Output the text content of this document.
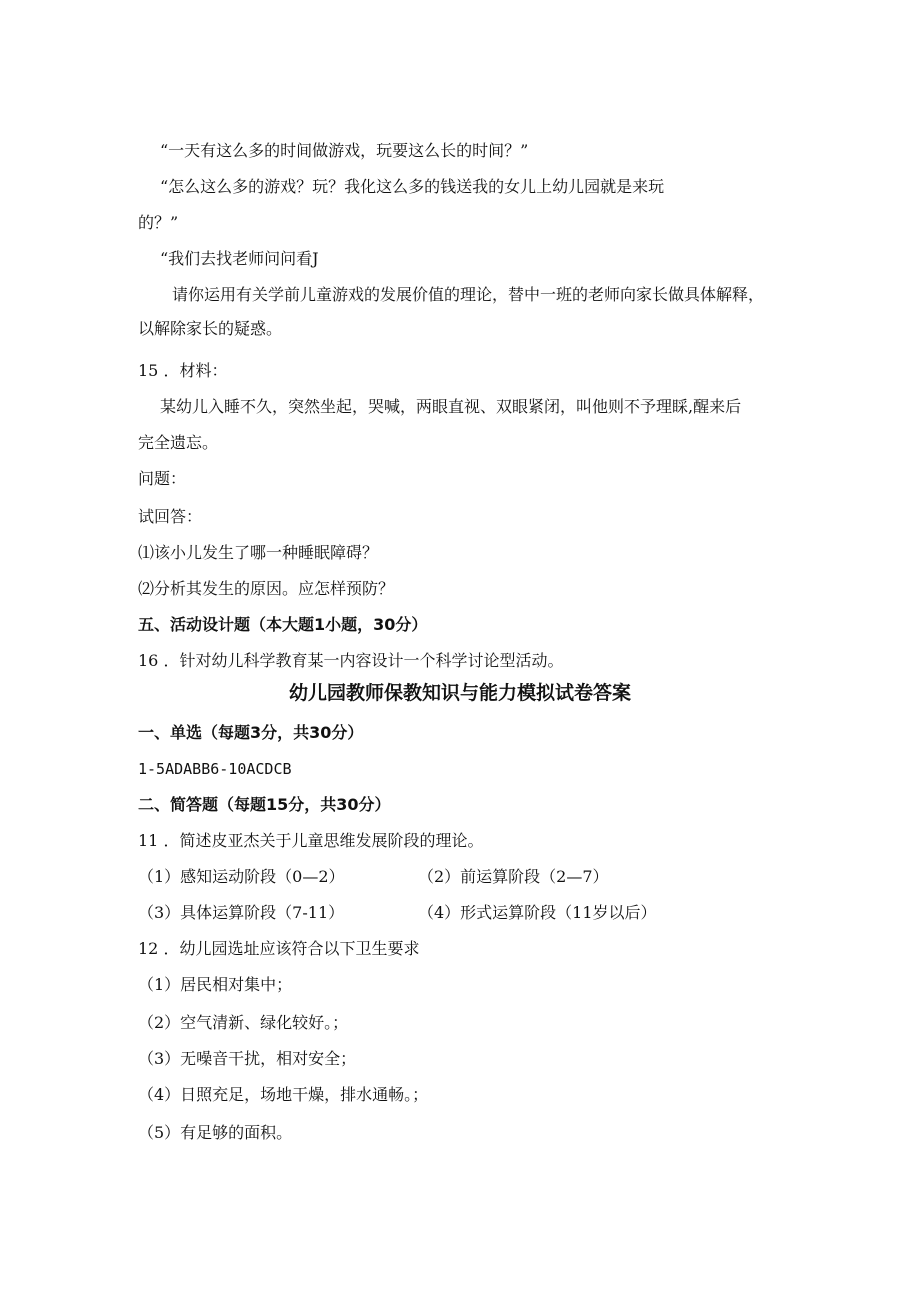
“一天有这么多的时间做游戏，玩要这么长的时间？”
“怎么这么多的游戏？玩？我化这么多的钱送我的女儿上幼儿园就是来玩
的？”
“我们去找老师问问看J
请你运用有关学前儿童游戏的发展价值的理论，替中一班的老师向家长做具体解释，
以解除家长的疑惑。
15 ．材料：
某幼儿入睡不久，突然坐起，哭喊，两眼直视、双眼紧闭，叫他则不予理睬,醒来后
完全遗忘。
问题：
试回答：
⑴该小儿发生了哪一种睡眠障碍？
⑵分析其发生的原因。应怎样预防？
五、活动设计题（本大题1小题，30分）
16 ．针对幼儿科学教育某一内容设计一个科学讨论型活动。
幼儿园教师保教知识与能力模拟试卷答案
一、单选（每题3分，共30分）
1-5ADABB6-10ACDCB
二、简答题（每题15分，共30分）
11 ．简述皮亚杰关于儿童思维发展阶段的理论。
（1）感知运动阶段（0—2）	（2）前运算阶段（2—7）
（3）具体运算阶段（7-11）	（4）形式运算阶段（11岁以后）
12 ．幼儿园选址应该符合以下卫生要求
（1）居民相对集中；
（2）空气清新、绿化较好。；
（3）无噪音干扰，相对安全；
（4）日照充足，场地干燥，排水通畅。；
（5）有足够的面积。
